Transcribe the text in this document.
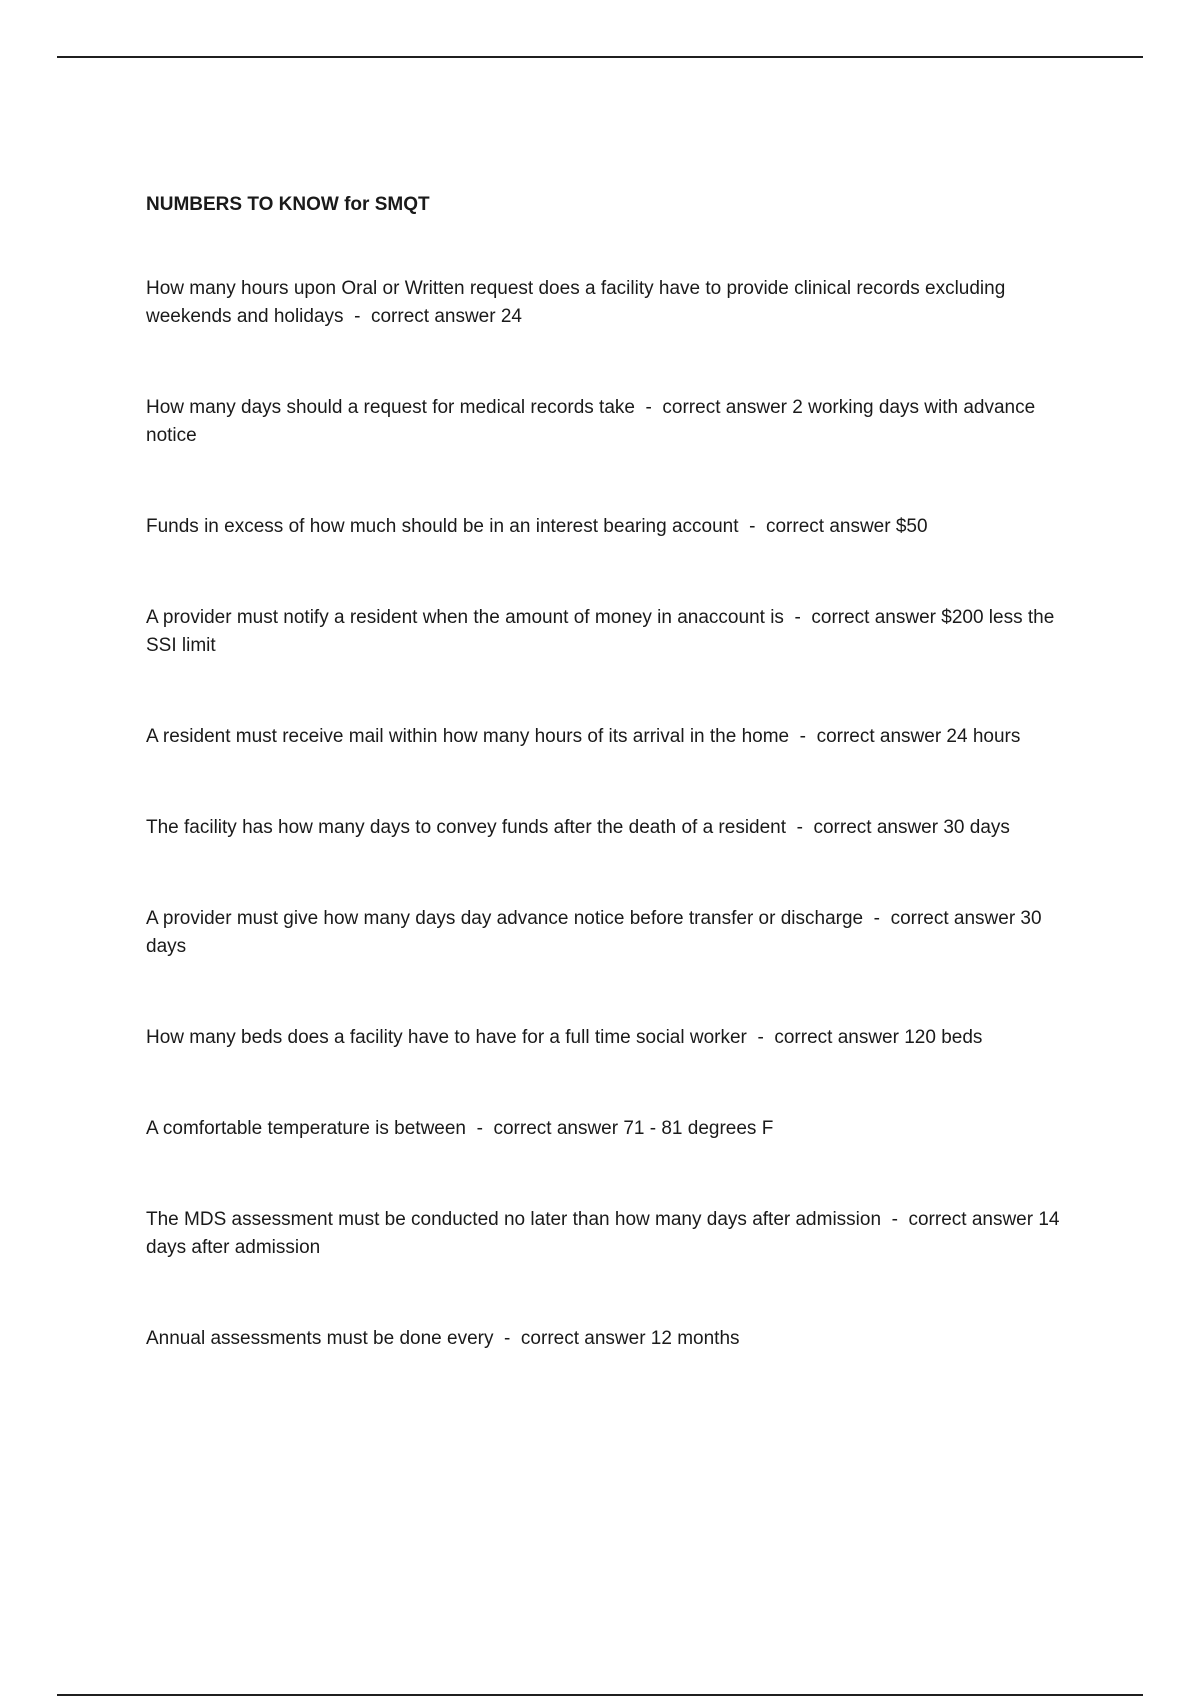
NUMBERS TO KNOW for SMQT
How many hours upon Oral or Written request does a facility have to provide clinical records excluding weekends and holidays  -  correct answer 24
How many days should a request for medical records take  -  correct answer 2 working days with advance notice
Funds in excess of how much should be in an interest bearing account  -  correct answer $50
A provider must notify a resident when the amount of money in anaccount is  -  correct answer $200 less the SSI limit
A resident must receive mail within how many hours of its arrival in the home  -  correct answer 24 hours
The facility has how many days to convey funds after the death of a resident  -  correct answer 30 days
A provider must give how many days day advance notice before transfer or discharge  -  correct answer 30 days
How many beds does a facility have to have for a full time social worker  -  correct answer 120 beds
A comfortable temperature is between  -  correct answer 71 - 81 degrees F
The MDS assessment must be conducted no later than how many days after admission  -  correct answer 14 days after admission
Annual assessments must be done every  -  correct answer 12 months
